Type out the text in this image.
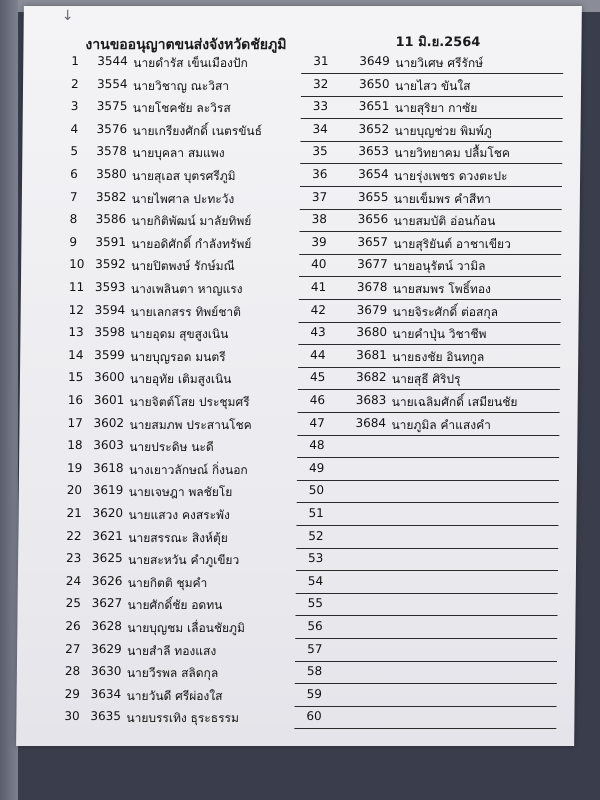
↓
งานขออนุญาตขนส่งจังหวัดชัยภูมิ	11 มิ.ย.2564
1 3544 นายดำรัส เข็นเมืองปัก
2 3554 นายวิชาญ ณะวิสา
3 3575 นายโชคชัย ละวิรส
4 3576 นายเกรียงศักดิ์ เนตรขันธ์
5 3578 นายบุคลา สมแพง
6 3580 นายสุเอส บุตรศรีภูมิ
7 3582 นายไพศาล ปะทะวัง
8 3586 นายกิติพัฒน์ มาลัยทิพย์
9 3591 นายอดิศักดิ์ กำลังทรัพย์
10 3592 นายปิตพงษ์ รักษ์มณี
11 3593 นางเพลินตา หาญแรง
12 3594 นายเลกสรร ทิพย์ชาติ
13 3598 นายอุดม สุขสูงเนิน
14 3599 นายบุญรอด มนตรี
15 3600 นายอุทัย เติมสูงเนิน
16 3601 นายจิตต์โสย ประชุมศรี
17 3602 นายสมภพ ประสานโชค
18 3603 นายประดิษ นะดี
19 3618 นางเยาวลักษณ์ กิ่งนอก
20 3619 นายเจษฎา พลชัยโย
21 3620 นายแสวง คงสระพัง
22 3621 นายสรรณะ สิงห์ตุ้ย
23 3625 นายสะหวัน คำภูเขียว
24 3626 นายกิตติ ชุมคำ
25 3627 นายศักดิ์ชัย อดทน
26 3628 นายบุญชม เลื่อนชัยภูมิ
27 3629 นายสำลี ทองแสง
28 3630 นายวีรพล สลิดกุล
29 3634 นายวันดี ศรีผ่องใส
30 3635 นายบรรเทิง ธุระธรรม
31	3649 นายวิเศษ ศรีรักษ์
32	3650 นายไสว ขันใส
33	3651 นายสุริยา กาซัย
34	3652 นายบุญช่วย พิมพ์ภู
35	3653 นายวิทยาคม ปลื้มโชค
36	3654 นายรุ่งเพชร ดวงตะปะ
37	3655 นายเข็มพร คำสีทา
38	3656 นายสมบัติ อ่อนก้อน
39	3657 นายสุริยันต์ อาชาเขียว
40	3677 นายอนุรัตน์ วามิล
41	3678 นายสมพร โพธิ์ทอง
42	3679 นายจิระศักดิ์ ต่อสกุล
43	3680 นายคำปุ่น วิชาชีพ
44	3681 นายธงชัย อินทกูล
45	3682 นายสุธี ศิริปรุ
46	3683 นายเฉลิมศักดิ์ เสมียนชัย
47	3684 นายภูมิล คำแสงคำ
48
49
50
51
52
53
54
55
56
57
58
59
60
